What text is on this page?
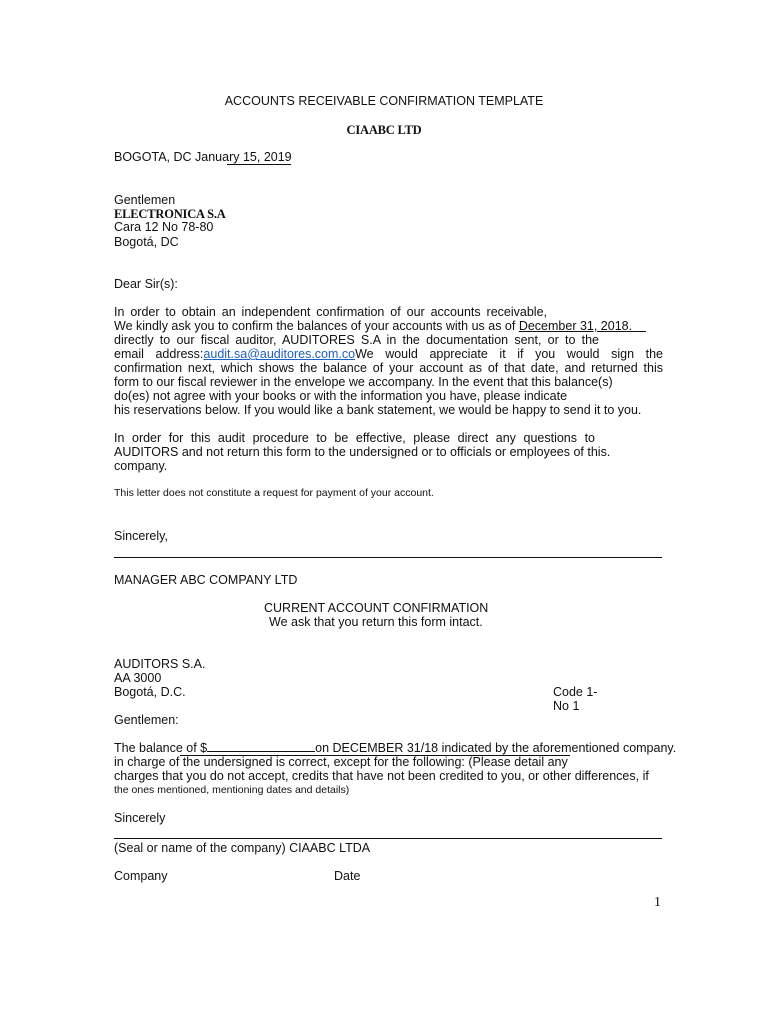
ACCOUNTS RECEIVABLE CONFIRMATION TEMPLATE
CIAABC LTD
BOGOTA, DC January 15, 2019
Gentlemen
ELECTRONICA S.A
Cara 12 No 78-80
Bogotá, DC
Dear Sir(s):
In order to obtain an independent confirmation of our accounts receivable,
We kindly ask you to confirm the balances of your accounts with us as of December 31, 2018.
directly to our fiscal auditor, AUDITORES S.A in the documentation sent, or to the
email address:audit.sa@auditores.com.coWe would appreciate it if you would sign the
confirmation next, which shows the balance of your account as of that date, and returned this
form to our fiscal reviewer in the envelope we accompany. In the event that this balance(s)
do(es) not agree with your books or with the information you have, please indicate
his reservations below. If you would like a bank statement, we would be happy to send it to you.
In order for this audit procedure to be effective, please direct any questions to
AUDITORS and not return this form to the undersigned or to officials or employees of this.
company.
This letter does not constitute a request for payment of your account.
Sincerely,
MANAGER ABC COMPANY LTD
CURRENT ACCOUNT CONFIRMATION
We ask that you return this form intact.
AUDITORS S.A.
AA 3000
Bogotá, D.C.	Code 1-
No 1
Gentlemen:
The balance of $	on DECEMBER 31/18 indicated by the aforementioned company.
in charge of the undersigned is correct, except for the following: (Please detail any
charges that you do not accept, credits that have not been credited to you, or other differences, if
the ones mentioned, mentioning dates and details)
Sincerely
(Seal or name of the company) CIAABC LTDA
Company	Date
1
